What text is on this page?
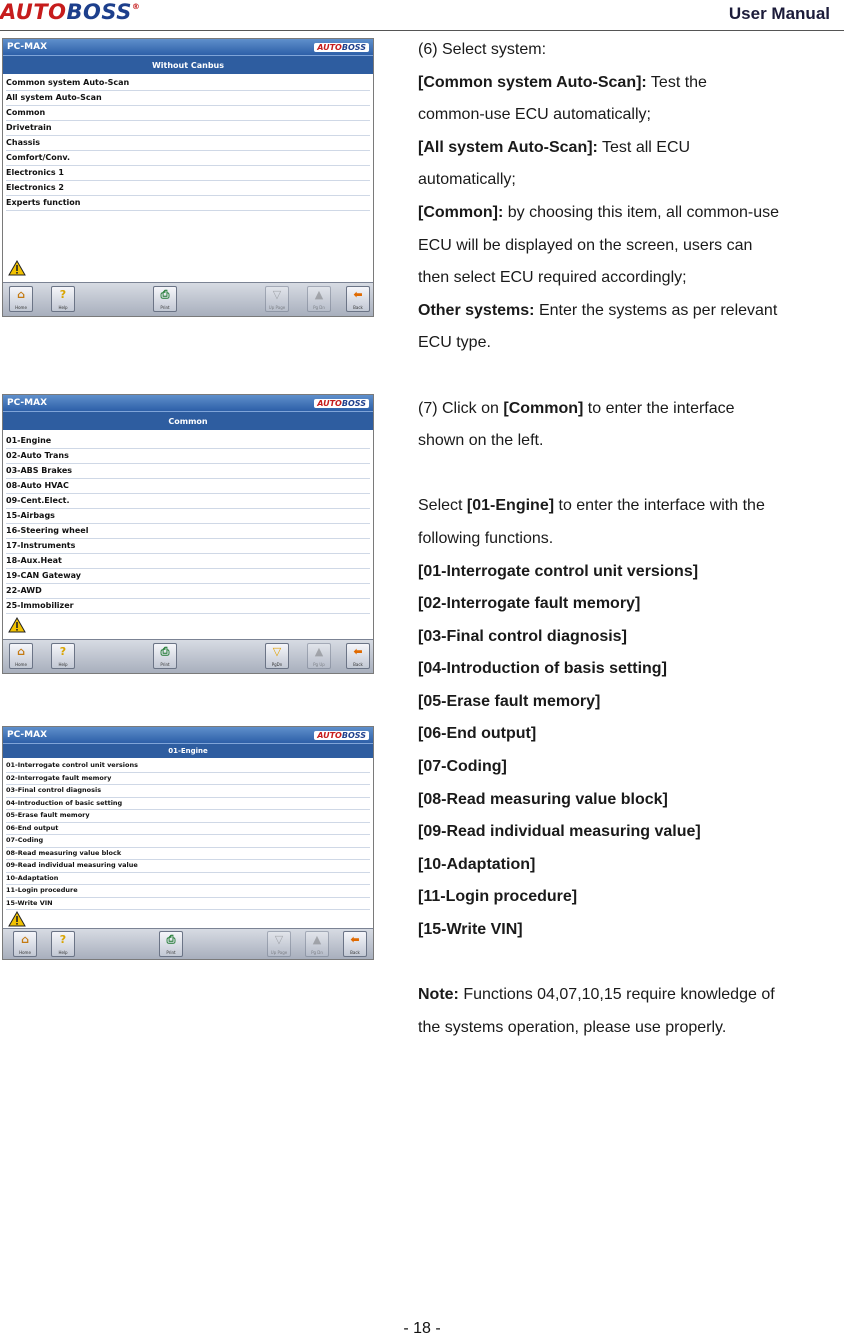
AUTO BOSS ®	User Manual
PC-MAX	AUTOBOSS
Without Canbus
Common system Auto-Scan
All system Auto-Scan
Common
Drivetrain
Chassis
Comfort/Conv.
Electronics 1
Electronics 2
Experts function
⌂
Home
?
Help
⎙
Print
▽
Up Page
▲
Pg Dn
⬅
Back
PC-MAX	AUTOBOSS
Common
01-Engine
02-Auto Trans
03-ABS Brakes
08-Auto HVAC
09-Cent.Elect.
15-Airbags
16-Steering wheel
17-Instruments
18-Aux.Heat
19-CAN Gateway
22-AWD
25-Immobilizer
⌂
Home
?
Help
⎙
Print
▽
PgDn
▲
Pg Up
⬅
Back
PC-MAX	AUTOBOSS
01-Engine
01-Interrogate control unit versions
02-Interrogate fault memory
03-Final control diagnosis
04-Introduction of basic setting
05-Erase fault memory
06-End output
07-Coding
08-Read measuring value block
09-Read individual measuring value
10-Adaptation
11-Login procedure
15-Write VIN
⌂
Home
?
Help
⎙
Print
▽
Up Page
▲
Pg Dn
⬅
Back

(6) Select system:

[Common system Auto-Scan]: Test the

common-use ECU automatically;

[All system Auto-Scan]: Test all ECU

automatically;

[Common]: by choosing this item, all common-use

ECU will be displayed on the screen, users can

then select ECU required accordingly;

Other systems: Enter the systems as per relevant

ECU type.

(7) Click on [Common] to enter the interface

shown on the left.

Select [01-Engine] to enter the interface with the

following functions.

[01-Interrogate control unit versions]

[02-Interrogate fault memory]

[03-Final control diagnosis]

[04-Introduction of basis setting]

[05-Erase fault memory]

[06-End output]

[07-Coding]

[08-Read measuring value block]

[09-Read individual measuring value]

[10-Adaptation]

[11-Login procedure]

[15-Write VIN]

Note: Functions 04,07,10,15 require knowledge of

the systems operation, please use properly.

- 18 -
